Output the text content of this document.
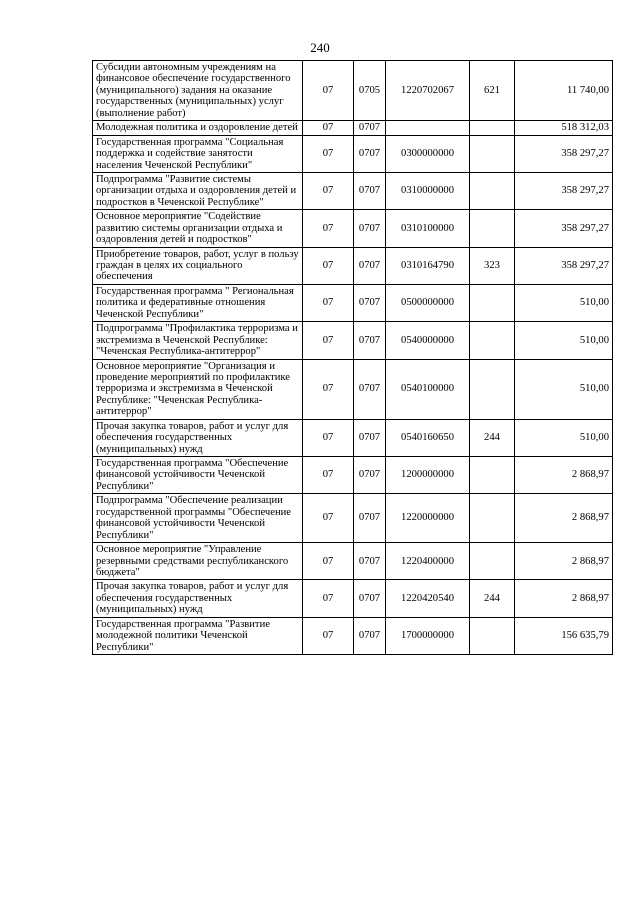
240
Субсидии автономным учреждениям на финансовое обеспечение государственного (муниципального) задания на оказание государственных (муниципальных) услуг (выполнение работ)	07	0705	1220702067	621	11 740,00
Молодежная политика и оздоровление детей	07	0707			518 312,03
Государственная программа "Социальная поддержка и содействие занятости населения Чеченской Республики"	07	0707	0300000000		358 297,27
Подпрограмма "Развитие системы организации отдыха и оздоровления детей и подростков в Чеченской Республике"	07	0707	0310000000		358 297,27
Основное мероприятие "Содействие развитию системы организации отдыха и оздоровления детей и подростков"	07	0707	0310100000		358 297,27
Приобретение товаров, работ, услуг в пользу граждан в целях их социального обеспечения	07	0707	0310164790	323	358 297,27
Государственная программа " Региональная политика и федеративные отношения Чеченской Республики"	07	0707	0500000000		510,00
Подпрограмма "Профилактика терроризма и экстремизма в Чеченской Республике: "Чеченская Республика-антитеррор"	07	0707	0540000000		510,00
Основное мероприятие "Организация и проведение мероприятий по профилактике терроризма и экстремизма в Чеченской Республике: "Чеченская Республика-антитеррор"	07	0707	0540100000		510,00
Прочая закупка товаров, работ и услуг для обеспечения государственных (муниципальных) нужд	07	0707	0540160650	244	510,00
Государственная программа "Обеспечение финансовой устойчивости Чеченской Республики"	07	0707	1200000000		2 868,97
Подпрограмма "Обеспечение реализации государственной программы "Обеспечение финансовой устойчивости Чеченской Республики"	07	0707	1220000000		2 868,97
Основное мероприятие "Управление резервными средствами республиканского бюджета"	07	0707	1220400000		2 868,97
Прочая закупка товаров, работ и услуг для обеспечения государственных (муниципальных) нужд	07	0707	1220420540	244	2 868,97
Государственная программа "Развитие молодежной политики Чеченской Республики"	07	0707	1700000000		156 635,79
